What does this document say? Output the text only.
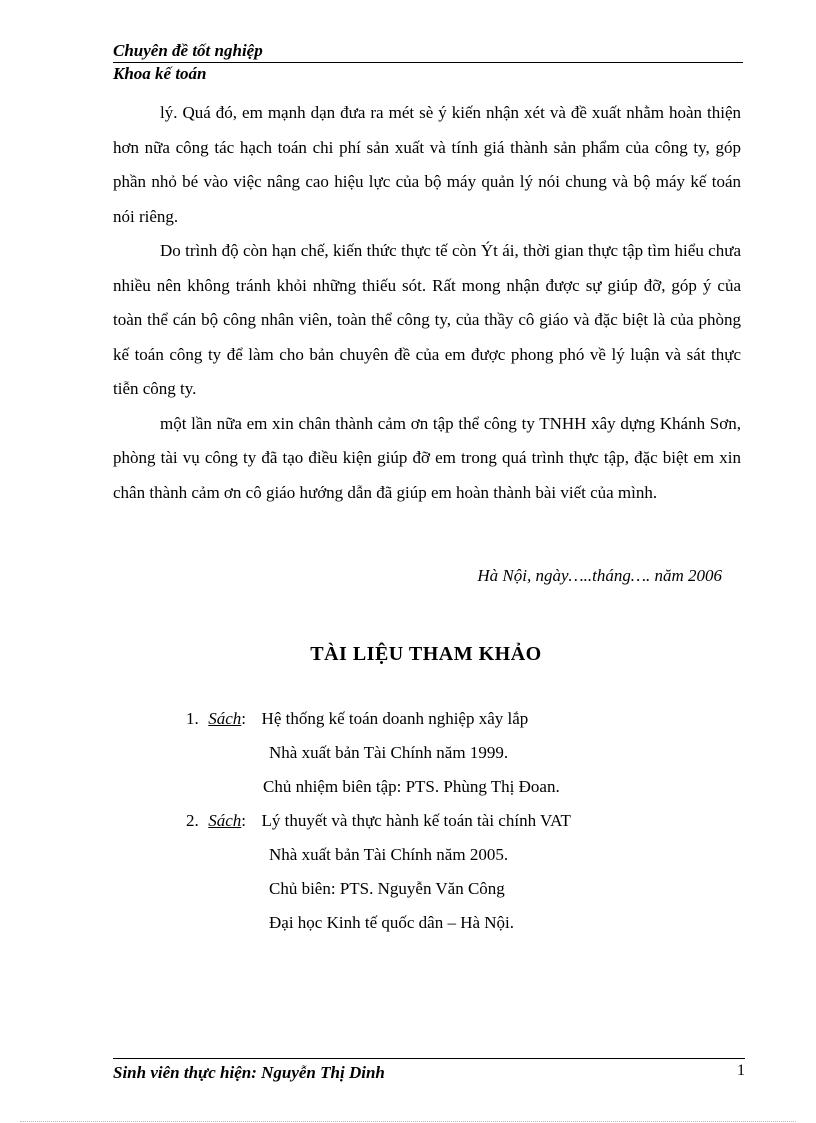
Chuyên đề tốt nghiệp
Khoa kế toán

lý. Quá đó, em mạnh dạn đưa ra mét sè ý kiến nhận xét và đề xuất nhằm hoàn thiện hơn nữa công tác hạch toán chi phí sản xuất và tính giá thành sản phẩm của công ty, góp phần nhỏ bé vào việc nâng cao hiệu lực của bộ máy quản lý nói chung và bộ máy kế toán nói riêng.

Do trình độ còn hạn chế, kiến thức thực tế còn Ýt ái, thời gian thực tập tìm hiểu chưa nhiều nên không tránh khỏi những thiếu sót. Rất mong nhận được sự giúp đỡ, góp ý của toàn thể cán bộ công nhân viên, toàn thể công ty, của thầy cô giáo và đặc biệt là của phòng kế toán công ty để làm cho bản chuyên đề của em được phong phó về lý luận và sát thực tiễn công ty.

một lần nữa em xin chân thành cảm ơn tập thể công ty TNHH xây dựng Khánh Sơn, phòng tài vụ công ty đã tạo điều kiện giúp đỡ em trong quá trình thực tập, đặc biệt em xin chân thành cảm ơn cô giáo hướng dẫn đã giúp em hoàn thành bài viết của mình.

Hà Nội, ngày…..tháng…. năm 2006
TÀI LIỆU THAM KHẢO
1. Sách: Hệ thống kế toán doanh nghiệp xây lắp
Nhà xuất bản Tài Chính năm 1999.
Chủ nhiệm biên tập: PTS. Phùng Thị Đoan.
2. Sách: Lý thuyết và thực hành kế toán tài chính VAT
Nhà xuất bản Tài Chính năm 2005.
Chủ biên: PTS. Nguyễn Văn Công
Đại học Kinh tế quốc dân – Hà Nội.
Sinh viên thực hiện: Nguyễn Thị Dinh	1
